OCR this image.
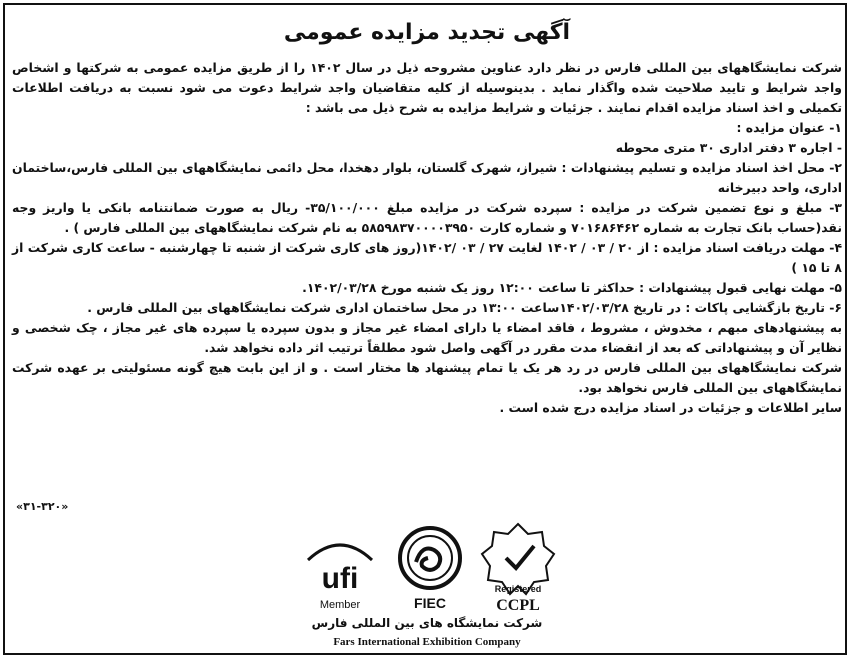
آگهی تجدید مزایده عمومی

شرکت نمایشگاههای بین المللی فارس در نظر دارد عناوین مشروحه ذیل در سال ۱۴۰۲ را از طریق مزایده عمومی به شرکتها و اشخاص واجد شرایط و تایید صلاحیت شده واگذار نماید . بدینوسیله از کلیه متقاضیان واجد شرایط دعوت می شود نسبت به دریافت اطلاعات تکمیلی و اخذ اسناد مزایده اقدام نمایند . جزئیات و شرایط مزایده به شرح ذیل می باشد :

۱- عنوان مزایده :

- اجاره ۳ دفتر اداری ۳۰ متری محوطه

۲- محل اخذ اسناد مزایده و تسلیم پیشنهادات : شیراز، شهرک گلستان، بلوار دهخدا، محل دائمی نمایشگاههای بین المللی فارس،ساختمان اداری، واحد دبیرخانه

۳- مبلغ و نوع تضمین شرکت در مزایده : سپرده شرکت در مزایده مبلغ ۳۵/۱۰۰/۰۰۰- ریال به صورت ضمانتنامه بانکی یا واریز وجه نقد(حساب بانک تجارت به شماره ۷۰۱۶۸۶۴۶۲ و شماره کارت ۵۸۵۹۸۳۷۰۰۰۰۳۹۵۰ به نام شرکت نمایشگاههای بین المللی فارس ) .

۴- مهلت دریافت اسناد مزایده : از ۲۰ / ۰۳ / ۱۴۰۲ لغایت ۲۷ / ۰۳ /۱۴۰۲(روز های کاری شرکت از شنبه تا چهارشنبه - ساعت کاری شرکت از ۸ تا ۱۵ )

۵- مهلت نهایی قبول پیشنهادات : حداکثر تا ساعت ۱۲:۰۰ روز یک شنبه مورخ ۱۴۰۲/۰۳/۲۸.

۶- تاریخ بازگشایی پاکات : در تاریخ ۱۴۰۲/۰۳/۲۸ساعت ۱۳:۰۰ در محل ساختمان اداری شرکت نمایشگاههای بین المللی فارس .

به پیشنهادهای مبهم ، مخدوش ، مشروط ، فاقد امضاء یا دارای امضاء غیر مجاز و بدون سپرده یا سپرده های غیر مجاز ، چک شخصی و نظایر آن و پیشنهاداتی که بعد از انقضاء مدت مقرر در آگهی واصل شود مطلقاً ترتیب اثر داده نخواهد شد.

شرکت نمایشگاههای بین المللی فارس در رد هر یک یا تمام پیشنهاد ها مختار است . و از این بابت هیچ گونه مسئولیتی بر عهده شرکت نمایشگاههای بین المللی فارس نخواهد بود.

سایر اطلاعات و جزئیات در اسناد مزایده درج شده است .

«۳۱-۳۲۰»
ufi
Member	FIEC
Registered
CCPL
شرکت نمایشگاه های بین المللی فارس
Fars International Exhibition Company
